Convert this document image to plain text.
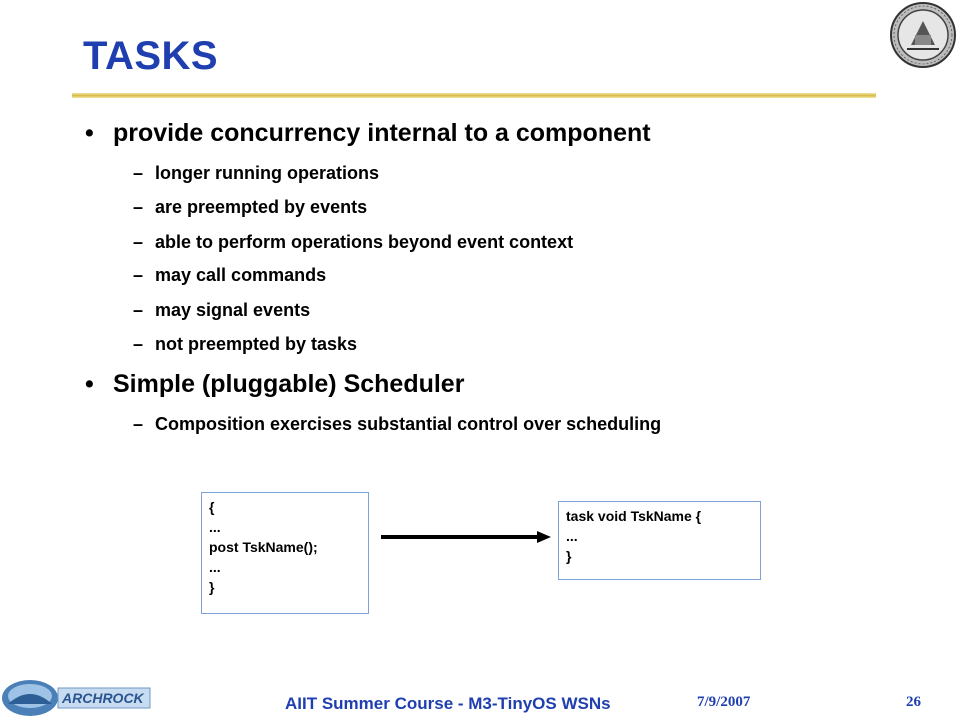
TASKS
• provide concurrency internal to a component
– longer running operations
– are preempted by events
– able to perform operations beyond event context
– may call commands
– may signal events
– not preempted by tasks
• Simple (pluggable) Scheduler
– Composition exercises substantial control over scheduling
{
...
post TskName();
...
}
task void TskName {
...
}
ARCHROCK	AIIT Summer Course - M3-TinyOS WSNs	7/9/2007	26
